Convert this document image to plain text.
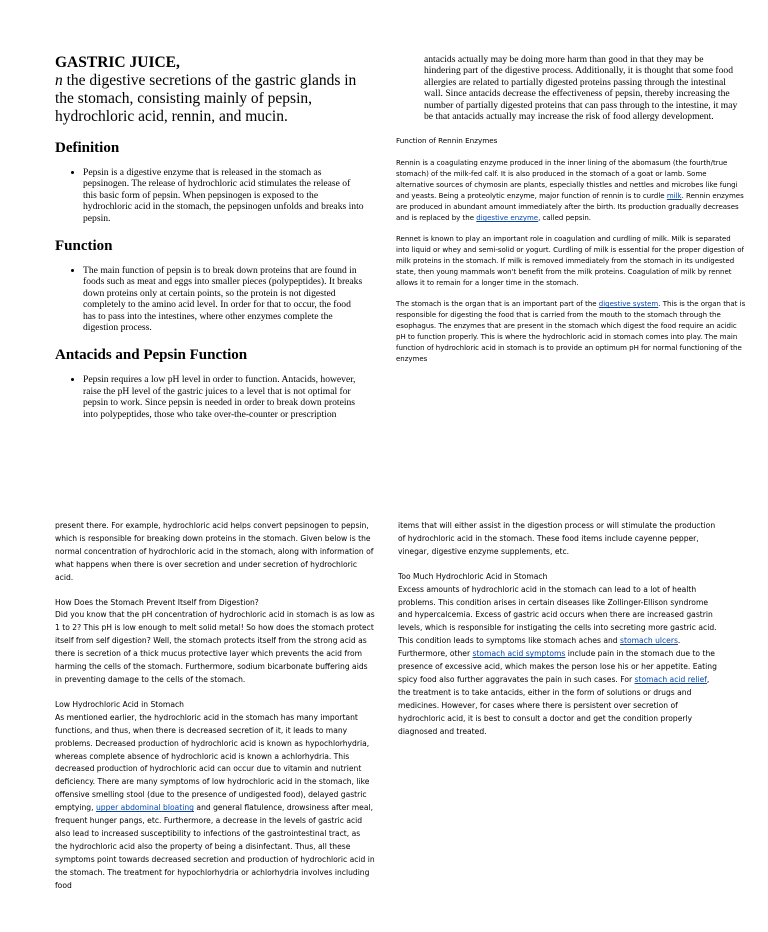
GASTRIC JUICE,
n the digestive secretions of the gastric glands in the stomach, consisting mainly of pepsin, hydrochloric acid, rennin, and mucin.
Definition
• Pepsin is a digestive enzyme that is released in the stomach as pepsinogen. The release of hydrochloric acid stimulates the release of this basic form of pepsin. When pepsinogen is exposed to the hydrochloric acid in the stomach, the pepsinogen unfolds and breaks into pepsin.
Function
• The main function of pepsin is to break down proteins that are found in foods such as meat and eggs into smaller pieces (polypeptides). It breaks down proteins only at certain points, so the protein is not digested completely to the amino acid level. In order for that to occur, the food has to pass into the intestines, where other enzymes complete the digestion process.
Antacids and Pepsin Function
• Pepsin requires a low pH level in order to function. Antacids, however, raise the pH level of the gastric juices to a level that is not optimal for pepsin to work. Since pepsin is needed in order to break down proteins into polypeptides, those who take over-the-counter or prescription

antacids actually may be doing more harm than good in that they may be hindering part of the digestive process. Additionally, it is thought that some food allergies are related to partially digested proteins passing through the intestinal wall. Since antacids decrease the effectiveness of pepsin, thereby increasing the number of partially digested proteins that can pass through to the intestine, it may be that antacids actually may increase the risk of food allergy development.

Function of Rennin Enzymes

Rennin is a coagulating enzyme produced in the inner lining of the abomasum (the fourth/true stomach) of the milk-fed calf. It is also produced in the stomach of a goat or lamb. Some alternative sources of chymosin are plants, especially thistles and nettles and microbes like fungi and yeasts. Being a proteolytic enzyme, major function of rennin is to curdle milk. Rennin enzymes are produced in abundant amount immediately after the birth. Its production gradually decreases and is replaced by the digestive enzyme, called pepsin.

Rennet is known to play an important role in coagulation and curdling of milk. Milk is separated into liquid or whey and semi-solid or yogurt. Curdling of milk is essential for the proper digestion of milk proteins in the stomach. If milk is removed immediately from the stomach in its undigested state, then young mammals won't benefit from the milk proteins. Coagulation of milk by rennet allows it to remain for a longer time in the stomach.

The stomach is the organ that is an important part of the digestive system. This is the organ that is responsible for digesting the food that is carried from the mouth to the stomach through the esophagus. The enzymes that are present in the stomach which digest the food require an acidic pH to function properly. This is where the hydrochloric acid in stomach comes into play. The main function of hydrochloric acid in stomach is to provide an optimum pH for normal functioning of the enzymes

present there. For example, hydrochloric acid helps convert pepsinogen to pepsin, which is responsible for breaking down proteins in the stomach. Given below is the normal concentration of hydrochloric acid in the stomach, along with information of what happens when there is over secretion and under secretion of hydrochloric acid.

How Does the Stomach Prevent Itself from Digestion?

Did you know that the pH concentration of hydrochloric acid in stomach is as low as 1 to 2? This pH is low enough to melt solid metal! So how does the stomach protect itself from self digestion? Well, the stomach protects itself from the strong acid as there is secretion of a thick mucus protective layer which prevents the acid from harming the cells of the stomach. Furthermore, sodium bicarbonate buffering aids in preventing damage to the cells of the stomach.

Low Hydrochloric Acid in Stomach

As mentioned earlier, the hydrochloric acid in the stomach has many important functions, and thus, when there is decreased secretion of it, it leads to many problems. Decreased production of hydrochloric acid is known as hypochlorhydria, whereas complete absence of hydrochloric acid is known a achlorhydria. This decreased production of hydrochloric acid can occur due to vitamin and nutrient deficiency. There are many symptoms of low hydrochloric acid in the stomach, like offensive smelling stool (due to the presence of undigested food), delayed gastric emptying, upper abdominal bloating and general flatulence, drowsiness after meal, frequent hunger pangs, etc. Furthermore, a decrease in the levels of gastric acid also lead to increased susceptibility to infections of the gastrointestinal tract, as the hydrochloric acid also the property of being a disinfectant. Thus, all these symptoms point towards decreased secretion and production of hydrochloric acid in the stomach. The treatment for hypochlorhydria or achlorhydria involves including food

items that will either assist in the digestion process or will stimulate the production of hydrochloric acid in the stomach. These food items include cayenne pepper, vinegar, digestive enzyme supplements, etc.

Too Much Hydrochloric Acid in Stomach

Excess amounts of hydrochloric acid in the stomach can lead to a lot of health problems. This condition arises in certain diseases like Zollinger-Ellison syndrome and hypercalcemia. Excess of gastric acid occurs when there are increased gastrin levels, which is responsible for instigating the cells into secreting more gastric acid. This condition leads to symptoms like stomach aches and stomach ulcers. Furthermore, other stomach acid symptoms include pain in the stomach due to the presence of excessive acid, which makes the person lose his or her appetite. Eating spicy food also further aggravates the pain in such cases. For stomach acid relief, the treatment is to take antacids, either in the form of solutions or drugs and medicines. However, for cases where there is persistent over secretion of hydrochloric acid, it is best to consult a doctor and get the condition properly diagnosed and treated.
